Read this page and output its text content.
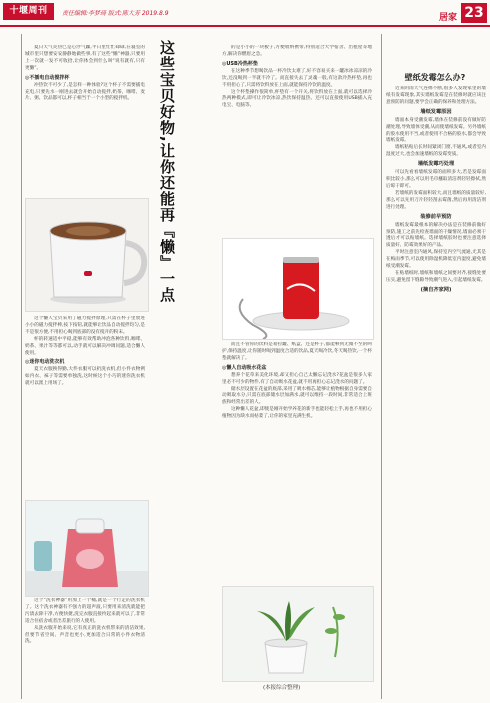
十堰周刊	责任编辑:李梦琦 版式:陈大芳 2019.8.9	居家 23

夏日天气炎热已是心浮气躁,平日里忙忙碌碌,在寝室的城市里只想要安安静静地做些事,有了这些“懒”神器,只要用上一次就一发不可收拾,让你体会到什么叫“说有就有,只有更懒”。

◎不插电自动搅拌杯

冲热饮不可少了,是怎样一种体验?这个杯子不需要插电充电,只要先水一刚进去就会开始自动搅拌,奶茶、咖啡、麦片、粥、饮品都可以,杯子相当于一个小型的搅拌机。

这个懒人宝贝采用了磁力搅拌原理,只需在杯子里放进小小的磁力搅拌棒,按下按钮,就能够让饮品自动搅拌均匀,是不是很方便,不用担心喝到底部的没有搅开的粉末。

杯的转速适中平稳,能够有效帮助冲泡各种饮料,咖啡、奶茶、果汁等等都可以,动手就可以解决冲调问题,适合懒人使用。

◎迷你电动洗衣机

夏天衣服换得勤,大件衣服可以扔洗衣机,但小件衣物例如内衣、袜子等需要单独洗,这时候这个小巧的迷你洗衣机就可以派上用场了。

这个“洗衣神器”用加上一个桶,就是一个行走的洗衣机了。这个洗衣神器有不强力的超声波,只要用来清洗就能把污渍去除干净,方便快捷,洗完衣服直接拎起来就可以了,非常适合住宿舍或者出差旅行的人使用。

从洗衣服开始来说,它有真正的洗衣机带来的清洁效果,但要节省空间、声音也更小,更加适合日常的小件衣物清洗。

这些宝贝好物,让你还能再『懒』一点	的是小小的一块板子,方便收纳携带,特别适合大学宿舍、出租屋等地方,解决你燃眉之急。

◎USB冷热杯垫

在这种季节想喝饮品一杯冷饮太难了,好不容易买来一罐冰冰凉凉的冷饮,还没喝到一半就不冷了。而直接失去了灵魂一般,有这款冷热杯垫,再也不用担心了,只需将饮料放在上面,就能保持冷饮的温度。

这个杯垫操作很简单,杯垫有一个开关,将饮料放在上面,就可以选择冷热两种模式,即可让冷饮冰凉,热饮保持温热。还可以直接使用USB插入充电宝、电脑等。

而且不管你的饮料是易拉罐、纸盒、还是杯子,都能够到无微不至的呵护,保持温度,让你随时喝到温度合适的饮品,夏天喝冷饮,冬天喝热饮,一个杯垫就解决了。

◎懒人自动吸水花盆

想养个花草来美化环境,却又担心自己太懒忘记浇水?花盆是很多人家里必不可少的物件,有了自动吸水花盆,就不用再担心忘记浇水的问题了。

储水层设置在花盆的底部,采用了吸水棉芯,能够让植物根据自身需要自动吸取水分,只需在底部储水层加满水,就可以维持一段时间,非常适合上班族和经常出差的人。

这种懒人花盆,即使是刚开始学养花的新手也能轻松上手,再也不用担心植物因为缺水而枯萎了,让你的家里充满生机。

(本报综合整理)
壁纸发霉怎么办?

近来阴雨天气连绵不断,很多人发现家里的墙纸有发霉现象,其实墙纸发霉是在装修时就应该注意预防的问题,要学会正确的保养和处理方法。

墙纸发霉原因

墙面本身受潮发霉,墙体在装修前没有做好防潮处理,导致墙体受潮,从而使墙纸发霉。另外墙纸的胶水使用不当,或者使用不合格的胶水,都会导致墙纸发霉。

墙纸粘贴后长时间紧闭门窗,不通风,或者室内湿度过大,也会加速墙纸的发霉变质。

墙纸发霉巧处理

可以先看看墙纸发霉的面积多大,若是发霉面积比较小,那么可以用毛巾蘸取清洁剂轻轻擦拭,然后晾干即可。

若墙纸的发霉面积较大,而且墙纸的质量较好,那么可以先用刀片轻轻刮去霉菌,然后再用清洁剂进行处理。

装修前早预防

墙纸发霉最根本的解决办法是在装修前做好预防,施工之前先检查墙面的干燥情况,墙面必须干透后才可以贴墙纸。选择墙纸胶时也要注意选择质量好、防霉效果好的产品。

平时注意室内通风,保持室内空气流通,尤其是在梅雨季节,可以使用除湿机降低室内湿度,避免墙纸受潮发霉。

在贴墙纸时,墙纸和墙纸之间要对齐,接缝处要压实,避免留下缝隙导致潮气进入,引起墙纸发霉。

(摘自齐家网)
